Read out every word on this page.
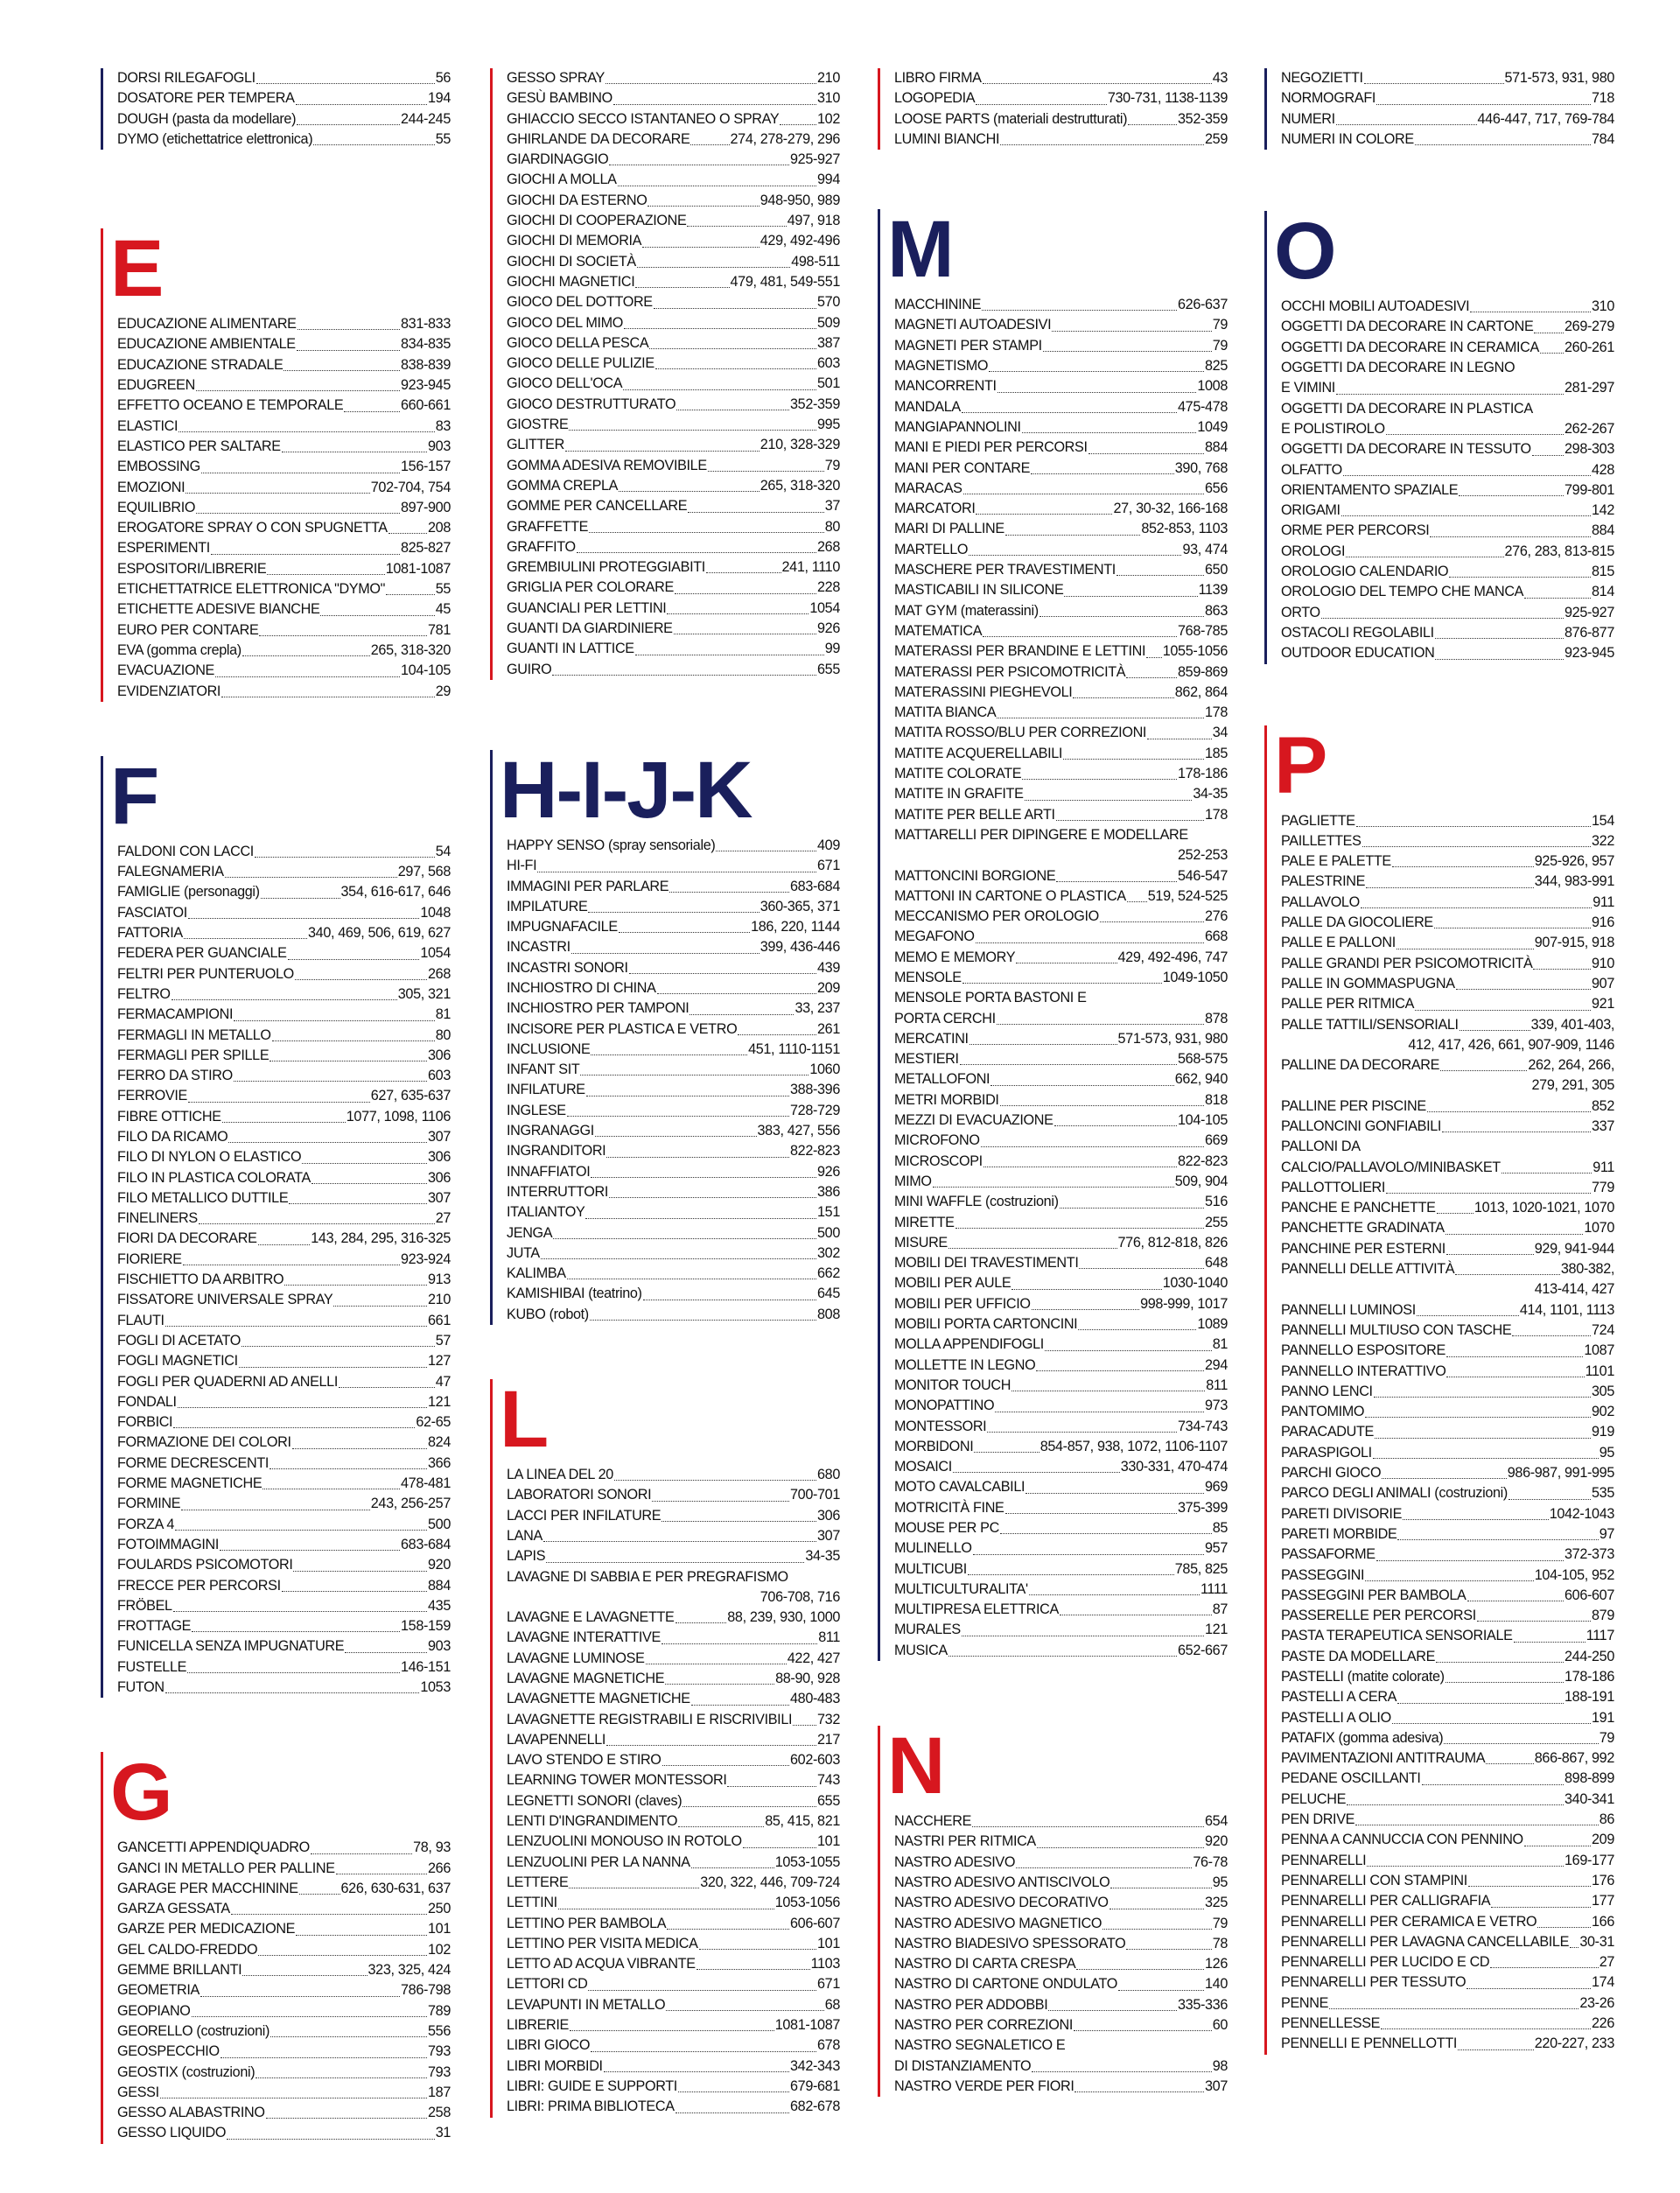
DORSI RILEGAFOGLI	56
DOSATORE PER TEMPERA	194
DOUGH (pasta da modellare)	244-245
DYMO (etichettatrice elettronica)	55
E
EDUCAZIONE ALIMENTARE	831-833
EDUCAZIONE AMBIENTALE	834-835
EDUCAZIONE STRADALE	838-839
EDUGREEN	923-945
EFFETTO OCEANO E TEMPORALE	660-661
ELASTICI	83
ELASTICO PER SALTARE	903
EMBOSSING	156-157
EMOZIONI	702-704, 754
EQUILIBRIO	897-900
EROGATORE SPRAY O CON SPUGNETTA	208
ESPERIMENTI	825-827
ESPOSITORI/LIBRERIE	1081-1087
ETICHETTATRICE ELETTRONICA "DYMO"	55
ETICHETTE ADESIVE BIANCHE	45
EURO PER CONTARE	781
EVA (gomma crepla)	265, 318-320
EVACUAZIONE	104-105
EVIDENZIATORI	29
F
FALDONI CON LACCI	54
FALEGNAMERIA	297, 568
FAMIGLIE (personaggi)	354, 616-617, 646
FASCIATOI	1048
FATTORIA	340, 469, 506, 619, 627
FEDERA PER GUANCIALE	1054
FELTRI PER PUNTERUOLO	268
FELTRO	305, 321
FERMACAMPIONI	81
FERMAGLI IN METALLO	80
FERMAGLI PER SPILLE	306
FERRO DA STIRO	603
FERROVIE	627, 635-637
FIBRE OTTICHE	1077, 1098, 1106
FILO DA RICAMO	307
FILO DI NYLON O ELASTICO	306
FILO IN PLASTICA COLORATA	306
FILO METALLICO DUTTILE	307
FINELINERS	27
FIORI DA DECORARE	143, 284, 295, 316-325
FIORIERE	923-924
FISCHIETTO DA ARBITRO	913
FISSATORE UNIVERSALE SPRAY	210
FLAUTI	661
FOGLI DI ACETATO	57
FOGLI MAGNETICI	127
FOGLI PER QUADERNI AD ANELLI	47
FONDALI	121
FORBICI	62-65
FORMAZIONE DEI COLORI	824
FORME DECRESCENTI	366
FORME MAGNETICHE	478-481
FORMINE	243, 256-257
FORZA 4	500
FOTOIMMAGINI	683-684
FOULARDS PSICOMOTORI	920
FRECCE PER PERCORSI	884
FRÖBEL	435
FROTTAGE	158-159
FUNICELLA SENZA IMPUGNATURE	903
FUSTELLE	146-151
FUTON	1053
G
GANCETTI APPENDIQUADRO	78, 93
GANCI IN METALLO PER PALLINE	266
GARAGE PER MACCHININE	626, 630-631, 637
GARZA GESSATA	250
GARZE PER MEDICAZIONE	101
GEL CALDO-FREDDO	102
GEMME BRILLANTI	323, 325, 424
GEOMETRIA	786-798
GEOPIANO	789
GEORELLO (costruzioni)	556
GEOSPECCHIO	793
GEOSTIX (costruzioni)	793
GESSI	187
GESSO ALABASTRINO	258
GESSO LIQUIDO	31
GESSO SPRAY	210
GESÙ BAMBINO	310
GHIACCIO SECCO ISTANTANEO O SPRAY	102
GHIRLANDE DA DECORARE	274, 278-279, 296
GIARDINAGGIO	925-927
GIOCHI A MOLLA	994
GIOCHI DA ESTERNO	948-950, 989
GIOCHI DI COOPERAZIONE	497, 918
GIOCHI DI MEMORIA	429, 492-496
GIOCHI DI SOCIETÀ	498-511
GIOCHI MAGNETICI	479, 481, 549-551
GIOCO DEL DOTTORE	570
GIOCO DEL MIMO	509
GIOCO DELLA PESCA	387
GIOCO DELLE PULIZIE	603
GIOCO DELL'OCA	501
GIOCO DESTRUTTURATO	352-359
GIOSTRE	995
GLITTER	210, 328-329
GOMMA ADESIVA REMOVIBILE	79
GOMMA CREPLA	265, 318-320
GOMME PER CANCELLARE	37
GRAFFETTE	80
GRAFFITO	268
GREMBIULINI PROTEGGIABITI	241, 1110
GRIGLIA PER COLORARE	228
GUANCIALI PER LETTINI	1054
GUANTI DA GIARDINIERE	926
GUANTI IN LATTICE	99
GUIRO	655
H-I-J-K
HAPPY SENSO (spray sensoriale)	409
HI-FI	671
IMMAGINI PER PARLARE	683-684
IMPILATURE	360-365, 371
IMPUGNAFACILE	186, 220, 1144
INCASTRI	399, 436-446
INCASTRI SONORI	439
INCHIOSTRO DI CHINA	209
INCHIOSTRO PER TAMPONI	33, 237
INCISORE PER PLASTICA E VETRO	261
INCLUSIONE	451, 1110-1151
INFANT SIT	1060
INFILATURE	388-396
INGLESE	728-729
INGRANAGGI	383, 427, 556
INGRANDITORI	822-823
INNAFFIATOI	926
INTERRUTTORI	386
ITALIANTOY	151
JENGA	500
JUTA	302
KALIMBA	662
KAMISHIBAI (teatrino)	645
KUBO (robot)	808
L
LA LINEA DEL 20	680
LABORATORI SONORI	700-701
LACCI PER INFILATURE	306
LANA	307
LAPIS	34-35
LAVAGNE DI SABBIA E PER PREGRAFISMO
706-708, 716
LAVAGNE E LAVAGNETTE	88, 239, 930, 1000
LAVAGNE INTERATTIVE	811
LAVAGNE LUMINOSE	422, 427
LAVAGNE MAGNETICHE	88-90, 928
LAVAGNETTE MAGNETICHE	480-483
LAVAGNETTE REGISTRABILI E RISCRIVIBILI 732
LAVAPENNELLI	217
LAVO STENDO E STIRO	602-603
LEARNING TOWER MONTESSORI	743
LEGNETTI SONORI (claves)	655
LENTI D'INGRANDIMENTO	85, 415, 821
LENZUOLINI MONOUSO IN ROTOLO	101
LENZUOLINI PER LA NANNA	1053-1055
LETTERE	320, 322, 446, 709-724
LETTINI	1053-1056
LETTINO PER BAMBOLA	606-607
LETTINO PER VISITA MEDICA	101
LETTO AD ACQUA VIBRANTE	1103
LETTORI CD	671
LEVAPUNTI IN METALLO	68
LIBRERIE	1081-1087
LIBRI GIOCO	678
LIBRI MORBIDI	342-343
LIBRI: GUIDE E SUPPORTI	679-681
LIBRI: PRIMA BIBLIOTECA	682-678
LIBRO FIRMA	43
LOGOPEDIA	730-731, 1138-1139
LOOSE PARTS (materiali destrutturati)	352-359
LUMINI BIANCHI	259
M
MACCHININE	626-637
MAGNETI AUTOADESIVI	79
MAGNETI PER STAMPI	79
MAGNETISMO	825
MANCORRENTI	1008
MANDALA	475-478
MANGIAPANNOLINI	1049
MANI E PIEDI PER PERCORSI	884
MANI PER CONTARE	390, 768
MARACAS	656
MARCATORI	27, 30-32, 166-168
MARI DI PALLINE	852-853, 1103
MARTELLO	93, 474
MASCHERE PER TRAVESTIMENTI	650
MASTICABILI IN SILICONE	1139
MAT GYM (materassini)	863
MATEMATICA	768-785
MATERASSI PER BRANDINE E LETTINI 1055-1056
MATERASSI PER PSICOMOTRICITÀ	859-869
MATERASSINI PIEGHEVOLI	862, 864
MATITA BIANCA	178
MATITA ROSSO/BLU PER CORREZIONI	34
MATITE ACQUERELLABILI	185
MATITE COLORATE	178-186
MATITE IN GRAFITE	34-35
MATITE PER BELLE ARTI	178
MATTARELLI PER DIPINGERE E MODELLARE
252-253
MATTONCINI BORGIONE	546-547
MATTONI IN CARTONE O PLASTICA 519, 524-525
MECCANISMO PER OROLOGIO	276
MEGAFONO	668
MEMO E MEMORY	429, 492-496, 747
MENSOLE	1049-1050
MENSOLE PORTA BASTONI E
PORTA CERCHI	878
MERCATINI	571-573, 931, 980
MESTIERI	568-575
METALLOFONI	662, 940
METRI MORBIDI	818
MEZZI DI EVACUAZIONE	104-105
MICROFONO	669
MICROSCOPI	822-823
MIMO	509, 904
MINI WAFFLE (costruzioni)	516
MIRETTE	255
MISURE	776, 812-818, 826
MOBILI DEI TRAVESTIMENTI	648
MOBILI PER AULE	1030-1040
MOBILI PER UFFICIO	998-999, 1017
MOBILI PORTA CARTONCINI	1089
MOLLA APPENDIFOGLI	81
MOLLETTE IN LEGNO	294
MONITOR TOUCH	811
MONOPATTINO	973
MONTESSORI	734-743
MORBIDONI	854-857, 938, 1072, 1106-1107
MOSAICI	330-331, 470-474
MOTO CAVALCABILI	969
MOTRICITÀ FINE	375-399
MOUSE PER PC	85
MULINELLO	957
MULTICUBI	785, 825
MULTICULTURALITA'	1111
MULTIPRESA ELETTRICA	87
MURALES	121
MUSICA	652-667
N
NACCHERE	654
NASTRI PER RITMICA	920
NASTRO ADESIVO	76-78
NASTRO ADESIVO ANTISCIVOLO	95
NASTRO ADESIVO DECORATIVO	325
NASTRO ADESIVO MAGNETICO	79
NASTRO BIADESIVO SPESSORATO	78
NASTRO DI CARTA CRESPA	126
NASTRO DI CARTONE ONDULATO	140
NASTRO PER ADDOBBI	335-336
NASTRO PER CORREZIONI	60
NASTRO SEGNALETICO E
DI DISTANZIAMENTO	98
NASTRO VERDE PER FIORI	307
NEGOZIETTI	571-573, 931, 980
NORMOGRAFI	718
NUMERI	446-447, 717, 769-784
NUMERI IN COLORE	784
O
OCCHI MOBILI AUTOADESIVI	310
OGGETTI DA DECORARE IN CARTONE 269-279
OGGETTI DA DECORARE IN CERAMICA 260-261
OGGETTI DA DECORARE IN LEGNO
E VIMINI	281-297
OGGETTI DA DECORARE IN PLASTICA
E POLISTIROLO	262-267
OGGETTI DA DECORARE IN TESSUTO 298-303
OLFATTO	428
ORIENTAMENTO SPAZIALE	799-801
ORIGAMI	142
ORME PER PERCORSI	884
OROLOGI	276, 283, 813-815
OROLOGIO CALENDARIO	815
OROLOGIO DEL TEMPO CHE MANCA	814
ORTO	925-927
OSTACOLI REGOLABILI	876-877
OUTDOOR EDUCATION	923-945
P
PAGLIETTE	154
PAILLETTES	322
PALE E PALETTE	925-926, 957
PALESTRINE	344, 983-991
PALLAVOLO	911
PALLE DA GIOCOLIERE	916
PALLE E PALLONI	907-915, 918
PALLE GRANDI PER PSICOMOTRICITÀ	910
PALLE IN GOMMASPUGNA	907
PALLE PER RITMICA	921
PALLE TATTILI/SENSORIALI	339, 401-403,
412, 417, 426, 661, 907-909, 1146
PALLINE DA DECORARE	262, 264, 266,
279, 291, 305
PALLINE PER PISCINE	852
PALLONCINI GONFIABILI	337
PALLONI DA
CALCIO/PALLAVOLO/MINIBASKET	911
PALLOTTOLIERI	779
PANCHE E PANCHETTE	1013, 1020-1021, 1070
PANCHETTE GRADINATA	1070
PANCHINE PER ESTERNI	929, 941-944
PANNELLI DELLE ATTIVITÀ	380-382,
413-414, 427
PANNELLI LUMINOSI	414, 1101, 1113
PANNELLI MULTIUSO CON TASCHE	724
PANNELLO ESPOSITORE	1087
PANNELLO INTERATTIVO	1101
PANNO LENCI	305
PANTOMIMO	902
PARACADUTE	919
PARASPIGOLI	95
PARCHI GIOCO	986-987, 991-995
PARCO DEGLI ANIMALI (costruzioni)	535
PARETI DIVISORIE	1042-1043
PARETI MORBIDE	97
PASSAFORME	372-373
PASSEGGINI	104-105, 952
PASSEGGINI PER BAMBOLA	606-607
PASSERELLE PER PERCORSI	879
PASTA TERAPEUTICA SENSORIALE	1117
PASTE DA MODELLARE	244-250
PASTELLI (matite colorate)	178-186
PASTELLI A CERA	188-191
PASTELLI A OLIO	191
PATAFIX (gomma adesiva)	79
PAVIMENTAZIONI ANTITRAUMA	866-867, 992
PEDANE OSCILLANTI	898-899
PELUCHE	340-341
PEN DRIVE	86
PENNA A CANNUCCIA CON PENNINO	209
PENNARELLI	169-177
PENNARELLI CON STAMPINI	176
PENNARELLI PER CALLIGRAFIA	177
PENNARELLI PER CERAMICA E VETRO	166
PENNARELLI PER LAVAGNA CANCELLABILE 30-31
PENNARELLI PER LUCIDO E CD	27
PENNARELLI PER TESSUTO	174
PENNE	23-26
PENNELLESSE	226
PENNELLI E PENNELLOTTI	220-227, 233
